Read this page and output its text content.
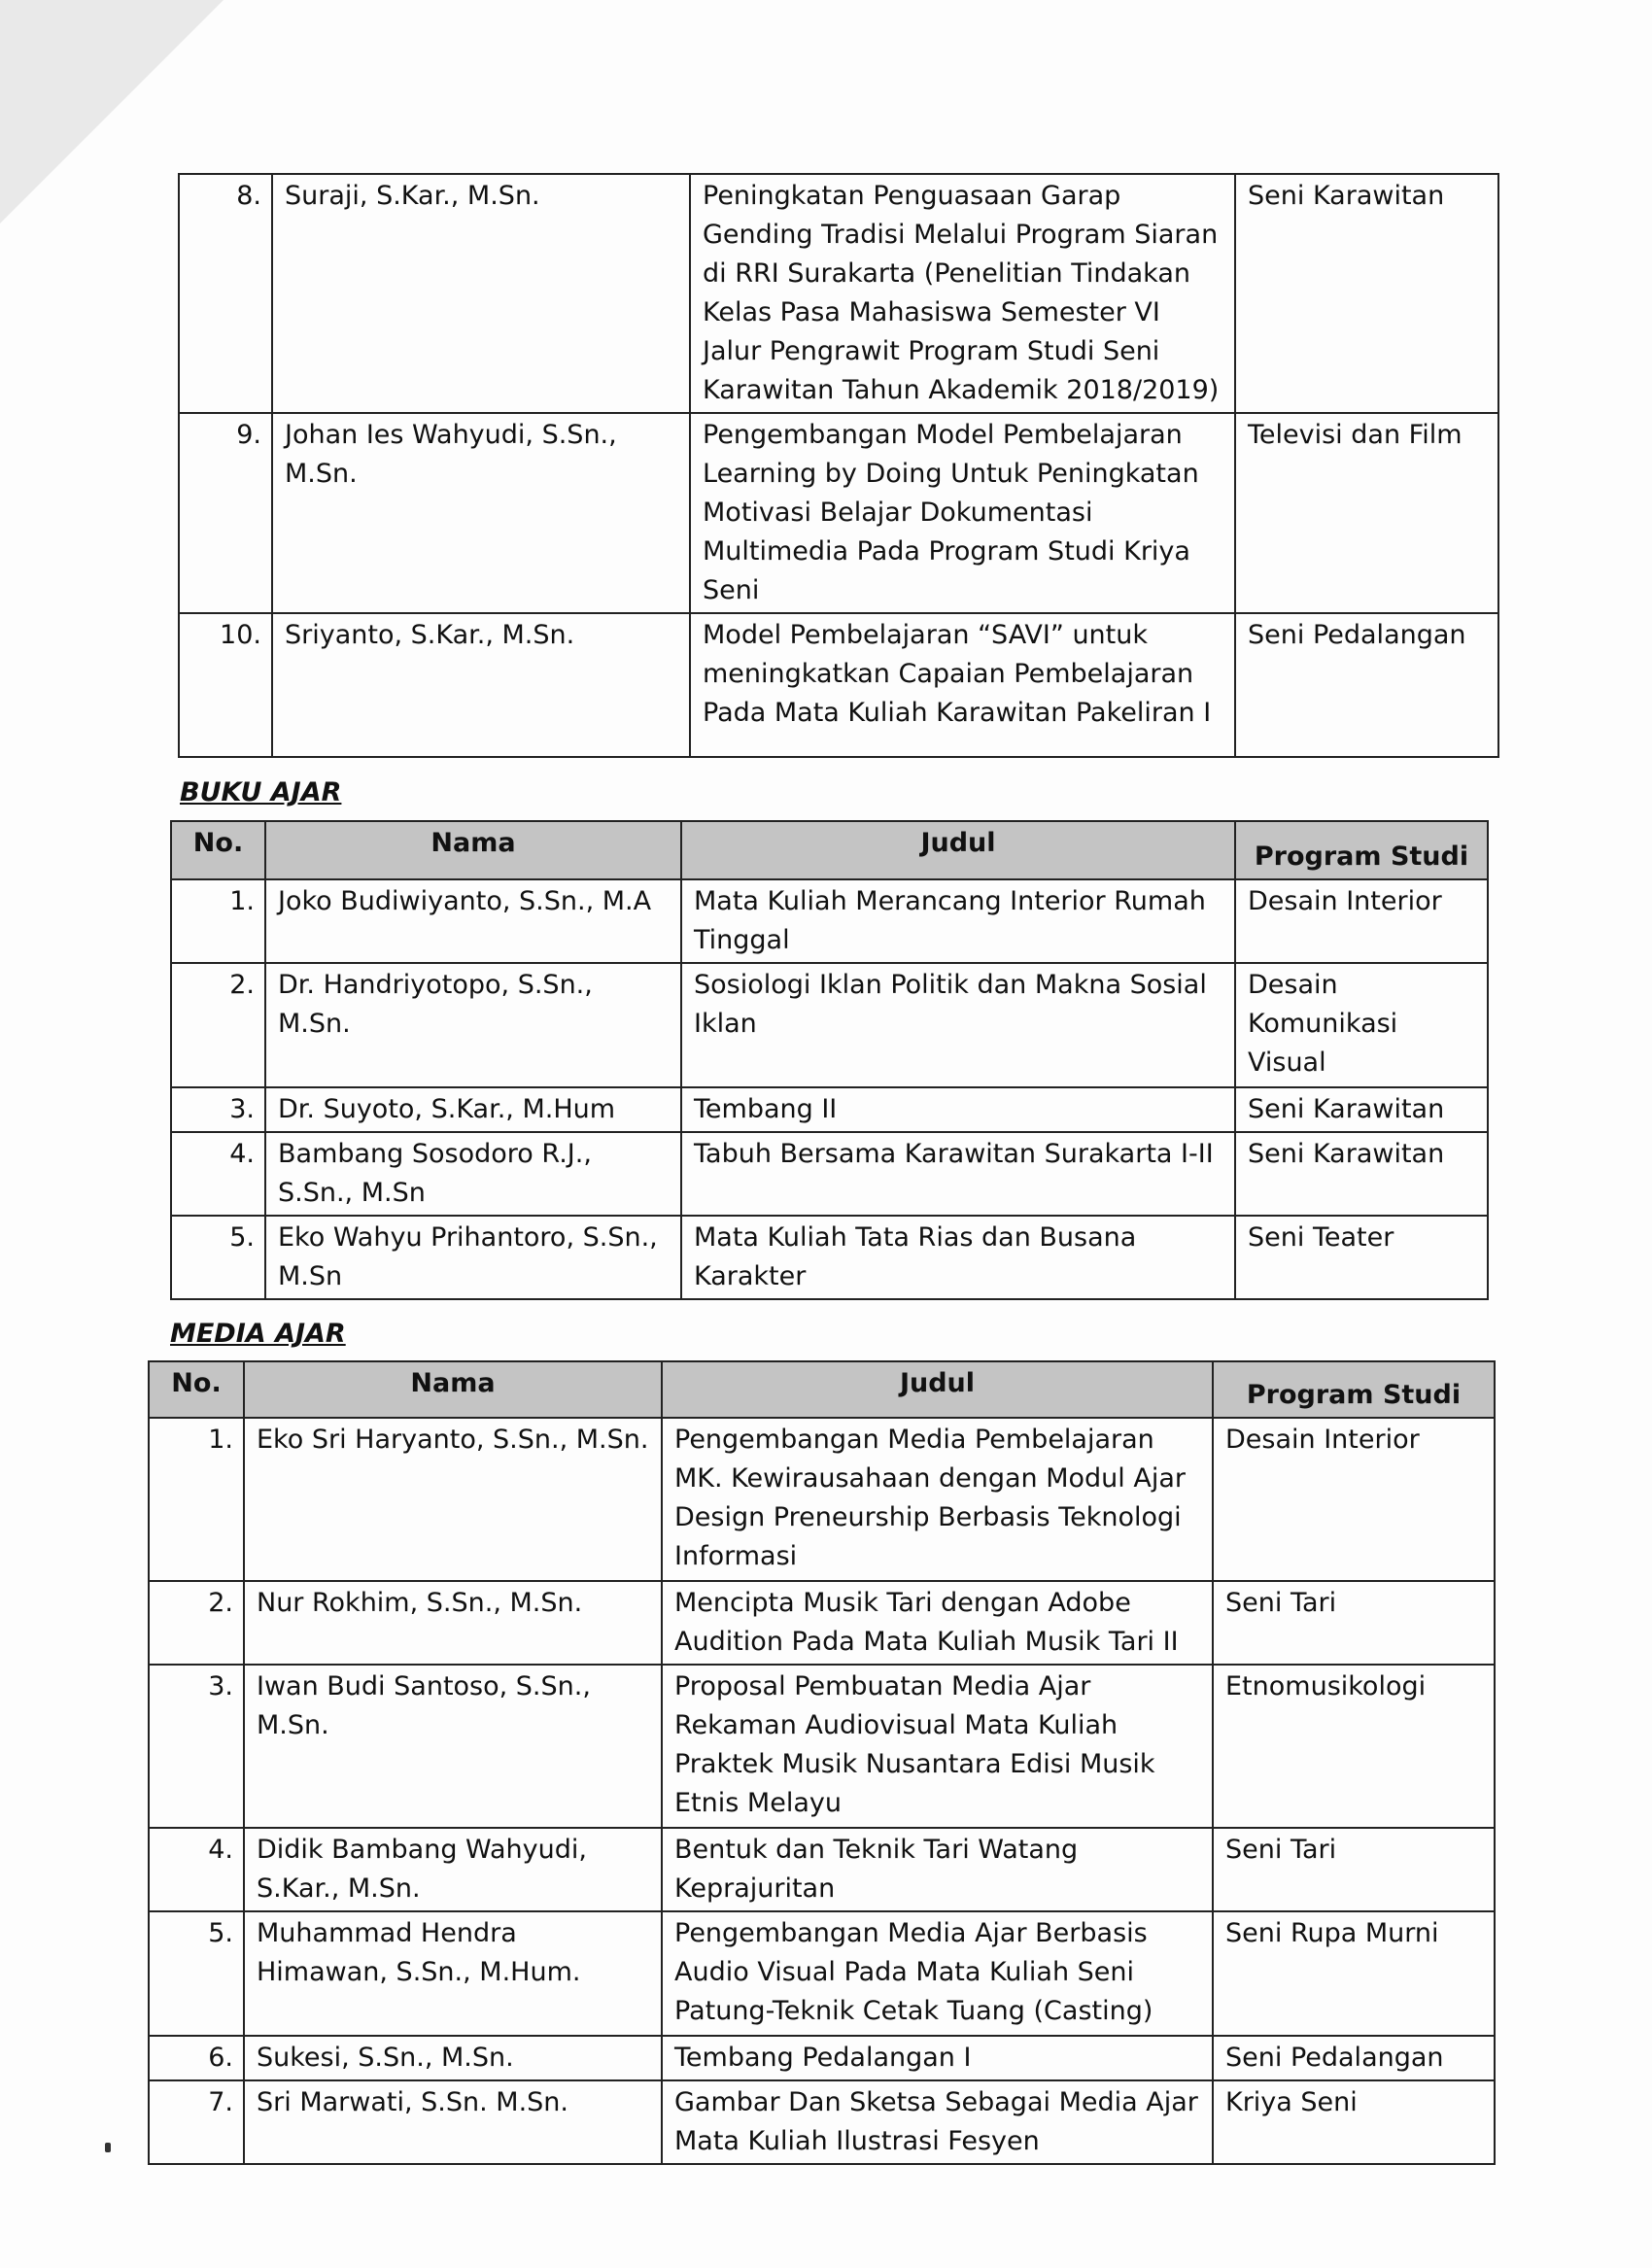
8.	Suraji, S.Kar., M.Sn.	Peningkatan Penguasaan Garap Gending Tradisi Melalui Program Siaran di RRI Surakarta (Penelitian Tindakan Kelas Pasa Mahasiswa Semester VI Jalur Pengrawit Program Studi Seni Karawitan Tahun Akademik 2018/2019)	Seni Karawitan
9.	Johan Ies Wahyudi, S.Sn., M.Sn.	Pengembangan Model Pembelajaran Learning by Doing Untuk Peningkatan Motivasi Belajar Dokumentasi Multimedia Pada Program Studi Kriya Seni	Televisi dan Film
10.	Sriyanto, S.Kar., M.Sn.	Model Pembelajaran “SAVI” untuk meningkatkan Capaian Pembelajaran Pada Mata Kuliah Karawitan Pakeliran I	Seni Pedalangan
BUKU AJAR
No.	Nama	Judul	Program Studi
1.	Joko Budiwiyanto, S.Sn., M.A	Mata Kuliah Merancang Interior Rumah Tinggal	Desain Interior
2.	Dr. Handriyotopo, S.Sn., M.Sn.	Sosiologi Iklan Politik dan Makna Sosial Iklan	Desain Komunikasi Visual
3.	Dr. Suyoto, S.Kar., M.Hum	Tembang II	Seni Karawitan
4.	Bambang Sosodoro R.J., S.Sn., M.Sn	Tabuh Bersama Karawitan Surakarta I-II	Seni Karawitan
5.	Eko Wahyu Prihantoro, S.Sn., M.Sn	Mata Kuliah Tata Rias dan Busana Karakter	Seni Teater
MEDIA AJAR
No.	Nama	Judul	Program Studi
1.	Eko Sri Haryanto, S.Sn., M.Sn.	Pengembangan Media Pembelajaran MK. Kewirausahaan dengan Modul Ajar Design Preneurship Berbasis Teknologi Informasi	Desain Interior
2.	Nur Rokhim, S.Sn., M.Sn.	Mencipta Musik Tari dengan Adobe Audition Pada Mata Kuliah Musik Tari II	Seni Tari
3.	Iwan Budi Santoso, S.Sn., M.Sn.	Proposal Pembuatan Media Ajar Rekaman Audiovisual Mata Kuliah Praktek Musik Nusantara Edisi Musik Etnis Melayu	Etnomusikologi
4.	Didik Bambang Wahyudi, S.Kar., M.Sn.	Bentuk dan Teknik Tari Watang Keprajuritan	Seni Tari
5.	Muhammad Hendra Himawan, S.Sn., M.Hum.	Pengembangan Media Ajar Berbasis Audio Visual Pada Mata Kuliah Seni Patung-Teknik Cetak Tuang (Casting)	Seni Rupa Murni
6.	Sukesi, S.Sn., M.Sn.	Tembang Pedalangan I	Seni Pedalangan
7.	Sri Marwati, S.Sn. M.Sn.	Gambar Dan Sketsa Sebagai Media Ajar Mata Kuliah Ilustrasi Fesyen	Kriya Seni
